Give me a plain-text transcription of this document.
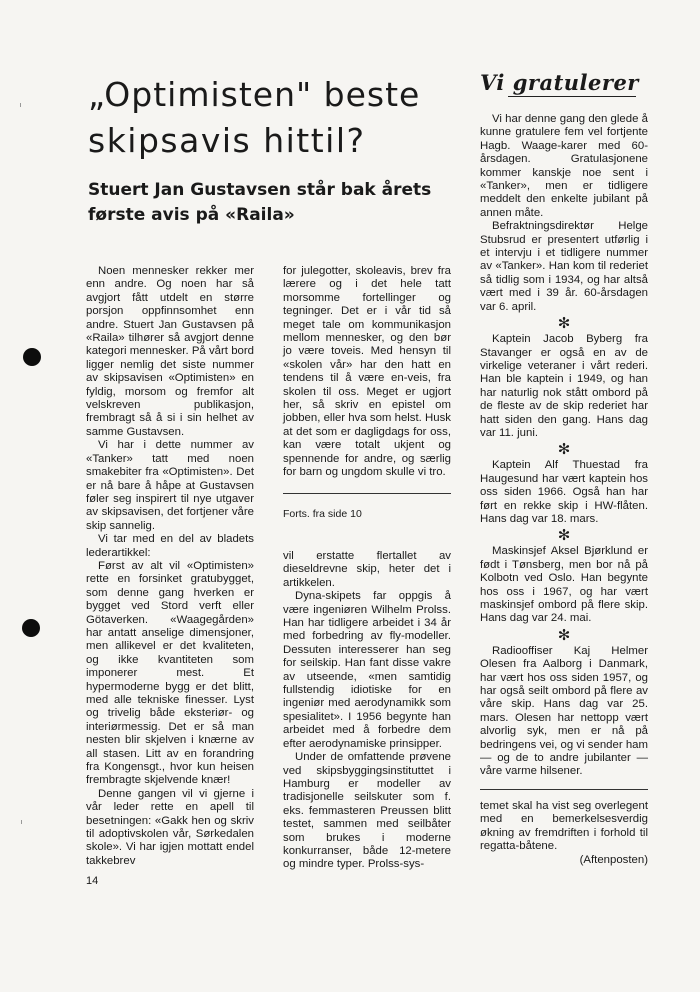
„Optimisten" beste
skipsavis hittil?
Stuert Jan Gustavsen står bak årets
første avis på «Raila»

Noen mennesker rekker mer enn andre. Og noen har så avgjort fått utdelt en større porsjon oppfinnsomhet enn andre. Stuert Jan Gustavsen på «Raila» tilhører så avgjort denne kategori mennesker. På vårt bord ligger nemlig det siste nummer av skipsavisen «Optimisten» en fyldig, morsom og fremfor alt velskreven publikasjon, frembragt så å si i sin helhet av samme Gustavsen.

Vi har i dette nummer av «Tanker» tatt med noen smakebiter fra «Optimisten». Det er nå bare å håpe at Gustavsen føler seg inspirert til nye utgaver av skipsavisen, det fortjener våre skip sannelig.

Vi tar med en del av bladets lederartikkel:

Først av alt vil «Optimisten» rette en forsinket gratubygget, som denne gang hverken er bygget ved Stord verft eller Götaverken. «Waagegården» har antatt anselige dimensjoner, men allikevel er det kvaliteten, og ikke kvantiteten som imponerer mest. Et hypermoderne bygg er det blitt, med alle tekniske finesser. Lyst og trivelig både eksteriør- og interiørmessig. Det er så man nesten blir skjelven i knærne av all stasen. Litt av en forandring fra Kongensgt., hvor kun heisen frembragte skjelvende knær!

Denne gangen vil vi gjerne i vår leder rette en apell til besetningen: «Gakk hen og skriv til adoptivskolen vår, Sørkedalen skole». Vi har igjen mottatt endel takkebrev

for julegotter, skoleavis, brev fra lærere og i det hele tatt morsomme fortellinger og tegninger. Det er i vår tid så meget tale om kommunikasjon mellom mennesker, og den bør jo være toveis. Med hensyn til «skolen vår» har den hatt en tendens til å være en-veis, fra skolen til oss. Meget er ugjort her, så skriv en epistel om jobben, eller hva som helst. Husk at det som er dagligdags for oss, kan være totalt ukjent og spennende for andre, og særlig for barn og ungdom skulle vi tro.

Forts. fra side 10

vil erstatte flertallet av dieseldrevne skip, heter det i artikkelen.

Dyna-skipets far oppgis å være ingeniøren Wilhelm Prolss. Han har tidligere arbeidet i 34 år med forbedring av fly-modeller. Dessuten interesserer han seg for seilskip. Han fant disse vakre av utseende, «men samtidig fullstendig idiotiske for en ingeniør med aerodynamikk som spesialitet». I 1956 begynte han arbeidet med å forbedre dem efter aerodynamiske prinsipper.

Under de omfattende prøvene ved skipsbyggingsinstituttet i Hamburg er modeller av tradisjonelle seilskuter som f. eks. femmasteren Preussen blitt testet, sammen med seilbåter som brukes i moderne konkurranser, både 12-metere og mindre typer. Prolss-sys-

Vi gratulerer

Vi har denne gang den glede å kunne gratulere fem vel fortjente Hagb. Waage-karer med 60-årsdagen. Gratulasjonene kommer kanskje noe sent i «Tanker», men er tidligere meddelt den enkelte jubilant på annen måte.

Befraktningsdirektør Helge Stubsrud er presentert utførlig i et intervju i et tidligere nummer av «Tanker». Han kom til rederiet så tidlig som i 1934, og har altså vært med i 39 år. 60-årsdagen var 6. april.

✻

Kaptein Jacob Byberg fra Stavanger er også en av de virkelige veteraner i vårt rederi. Han ble kaptein i 1949, og han har naturlig nok stått ombord på de fleste av de skip rederiet har hatt siden den gang. Hans dag var 11. juni.

✻

Kaptein Alf Thuestad fra Haugesund har vært kaptein hos oss siden 1966. Også han har ført en rekke skip i HW-flåten. Hans dag var 18. mars.

✻

Maskinsjef Aksel Bjørklund er født i Tønsberg, men bor nå på Kolbotn ved Oslo. Han begynte hos oss i 1967, og har vært maskinsjef ombord på flere skip. Hans dag var 24. mai.

✻

Radiooffiser Kaj Helmer Olesen fra Aalborg i Danmark, har vært hos oss siden 1957, og har også seilt ombord på flere av våre skip. Hans dag var 25. mars. Olesen har nettopp vært alvorlig syk, men er nå på bedringens vei, og vi sender ham — og de to andre jubilanter — våre varme hilsener.

temet skal ha vist seg overlegent med en bemerkelsesverdig økning av fremdriften i forhold til regatta-båtene.

(Aftenposten)

14
